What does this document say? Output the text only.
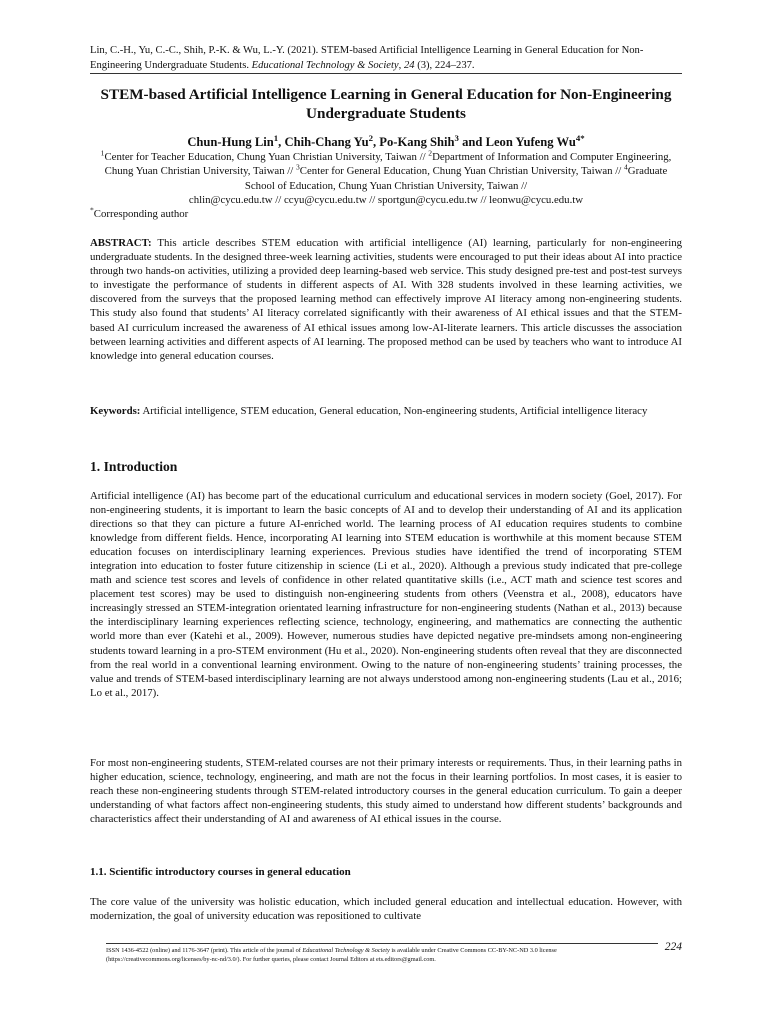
Lin, C.-H., Yu, C.-C., Shih, P.-K. & Wu, L.-Y. (2021). STEM-based Artificial Intelligence Learning in General Education for Non-Engineering Undergraduate Students. Educational Technology & Society, 24 (3), 224–237.
STEM-based Artificial Intelligence Learning in General Education for Non-Engineering Undergraduate Students
Chun-Hung Lin$^1$, Chih-Chang Yu$^2$, Po-Kang Shih$^3$ and Leon Yufeng $Wu^{4*}$
$^1$Center for Teacher Education, Chung Yuan Christian University, Taiwan // $^2$Department of Information and Computer Engineering, Chung Yuan Christian University, Taiwan // $^3$Center for General Education, Chung Yuan Christian University, Taiwan // $^4$Graduate School of Education, Chung Yuan Christian University, Taiwan //
chlin@cycu.edu.tw // ccyu@cycu.edu.tw // sportgun@cycu.edu.tw // leonwu@cycu.edu.tw
*Corresponding author

ABSTRACT: This article describes STEM education with artificial intelligence (AI) learning, particularly for non-engineering undergraduate students. In the designed three-week learning activities, students were encouraged to put their ideas about AI into practice through two hands-on activities, utilizing a provided deep learning-based web service. This study designed pre-test and post-test surveys to investigate the performance of students in different aspects of AI. With 328 students involved in these learning activities, we discovered from the surveys that the proposed learning method can effectively improve AI literacy among non-engineering students. This study also found that students’ AI literacy correlated significantly with their awareness of AI ethical issues and that the STEM-based AI curriculum increased the awareness of AI ethical issues among low-AI-literate learners. This article discusses the association between learning activities and different aspects of AI learning. The proposed method can be used by teachers who want to introduce AI knowledge into general education courses.

Keywords: Artificial intelligence, STEM education, General education, Non-engineering students, Artificial intelligence literacy

1. Introduction

Artificial intelligence (AI) has become part of the educational curriculum and educational services in modern society (Goel, 2017). For non-engineering students, it is important to learn the basic concepts of AI and to develop their understanding of AI and its application directions so that they can picture a future AI-enriched world. The learning process of AI education requires students to combine knowledge from different fields. Hence, incorporating AI learning into STEM education is worthwhile at this moment because STEM education focuses on interdisciplinary learning experiences. Previous studies have identified the trend of incorporating STEM integration into education to foster future citizenship in science (Li et al., 2020). Although a previous study indicated that pre-college math and science test scores and levels of confidence in other related quantitative skills (i.e., ACT math and science test scores and placement test scores) may be used to distinguish non-engineering students from others (Veenstra et al., 2008), educators have increasingly stressed an STEM-integration orientated learning infrastructure for non-engineering students (Nathan et al., 2013) because the interdisciplinary learning experiences reflecting science, technology, engineering, and mathematics are connecting the authentic world more than ever (Katehi et al., 2009). However, numerous studies have depicted negative pre-mindsets among non-engineering students toward learning in a pro-STEM environment (Hu et al., 2020). Non-engineering students often reveal that they are disconnected from the real world in a conventional learning environment. Owing to the nature of non-engineering students’ training processes, the value and trends of STEM-based interdisciplinary learning are not always understood among non-engineering students (Lau et al., 2016; Lo et al., 2017).

For most non-engineering students, STEM-related courses are not their primary interests or requirements. Thus, in their learning paths in higher education, science, technology, engineering, and math are not the focus in their learning portfolios. In most cases, it is easier to reach these non-engineering students through STEM-related introductory courses in the general education curriculum. To gain a deeper understanding of what factors affect non-engineering students, this study aimed to understand how different students’ backgrounds and characteristics affect their understanding of AI and awareness of AI ethical issues in the course.

1.1. Scientific introductory courses in general education

The core value of the university was holistic education, which included general education and intellectual education. However, with modernization, the goal of university education was repositioned to cultivate

224
ISSN 1436-4522 (online) and 1176-3647 (print). This article of the journal of Educational Technology & Society is available under Creative Commons CC-BY-NC-ND 3.0 license (https://creativecommons.org/licenses/by-nc-nd/3.0/). For further queries, please contact Journal Editors at ets.editors@gmail.com.
